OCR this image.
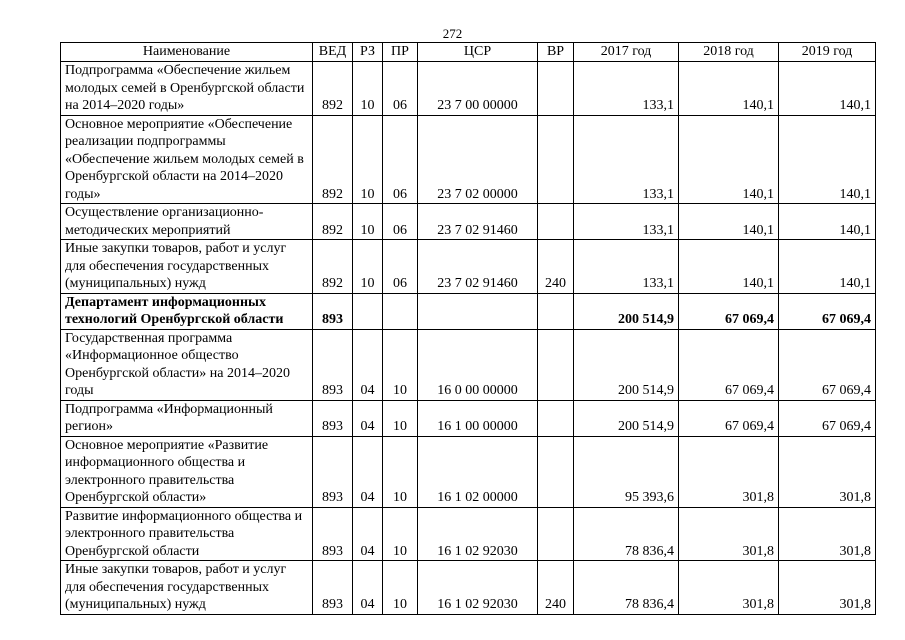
272
Наименование	ВЕД	РЗ	ПР	ЦСР	ВР	2017 год	2018 год	2019 год
Подпрограмма «Обеспечение жильем молодых семей в Оренбургской области на 2014–2020 годы»	892	10	06	23 7 00 00000		133,1	140,1	140,1
Основное мероприятие «Обеспечение реализации подпрограммы «Обеспечение жильем молодых семей в Оренбургской области на 2014–2020 годы»	892	10	06	23 7 02 00000		133,1	140,1	140,1
Осуществление организационно-методических мероприятий	892	10	06	23 7 02 91460		133,1	140,1	140,1
Иные закупки товаров, работ и услуг для обеспечения государственных (муниципальных) нужд	892	10	06	23 7 02 91460	240	133,1	140,1	140,1
Департамент информационных технологий Оренбургской области	893					200 514,9	67 069,4	67 069,4
Государственная программа «Информационное общество Оренбургской области» на 2014–2020 годы	893	04	10	16 0 00 00000		200 514,9	67 069,4	67 069,4
Подпрограмма «Информационный регион»	893	04	10	16 1 00 00000		200 514,9	67 069,4	67 069,4
Основное мероприятие «Развитие информационного общества и электронного правительства Оренбургской области»	893	04	10	16 1 02 00000		95 393,6	301,8	301,8
Развитие информационного общества и электронного правительства Оренбургской области	893	04	10	16 1 02 92030		78 836,4	301,8	301,8
Иные закупки товаров, работ и услуг для обеспечения государственных (муниципальных) нужд	893	04	10	16 1 02 92030	240	78 836,4	301,8	301,8
